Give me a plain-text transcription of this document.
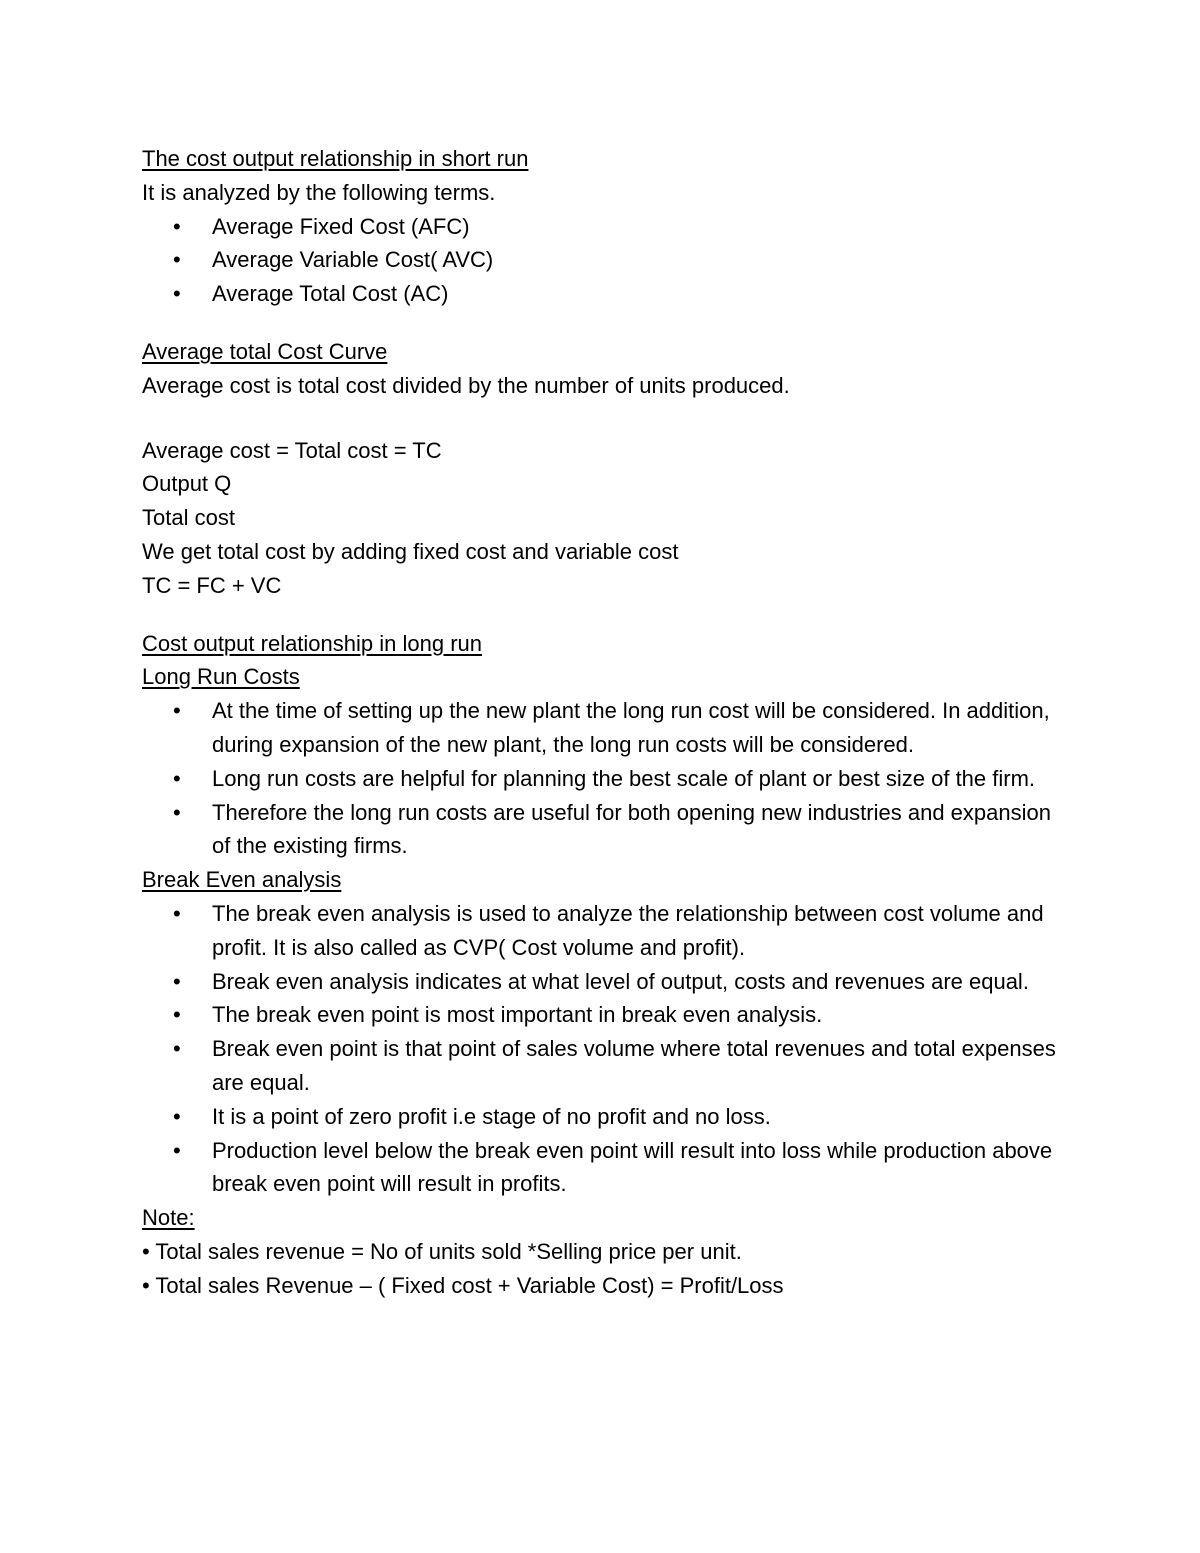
The cost output relationship in short run

It is analyzed by the following terms.

• Average Fixed Cost (AFC)
• Average Variable Cost( AVC)
• Average Total Cost (AC)

Average total Cost Curve

Average cost is total cost divided by the number of units produced.

Average cost = Total cost = TC

Output Q

Total cost

We get total cost by adding fixed cost and variable cost

TC = FC + VC

Cost output relationship in long run

Long Run Costs

• At the time of setting up the new plant the long run cost will be considered. In addition, during expansion of the new plant, the long run costs will be considered.
• Long run costs are helpful for planning the best scale of plant or best size of the firm.
• Therefore the long run costs are useful for both opening new industries and expansion of the existing firms.

Break Even analysis

• The break even analysis is used to analyze the relationship between cost volume and profit. It is also called as CVP( Cost volume and profit).
• Break even analysis indicates at what level of output, costs and revenues are equal.
• The break even point is most important in break even analysis.
• Break even point is that point of sales volume where total revenues and total expenses are equal.
• It is a point of zero profit i.e stage of no profit and no loss.
• Production level below the break even point will result into loss while production above break even point will result in profits.

Note:

• Total sales revenue = No of units sold *Selling price per unit.

• Total sales Revenue – ( Fixed cost + Variable Cost) = Profit/Loss
